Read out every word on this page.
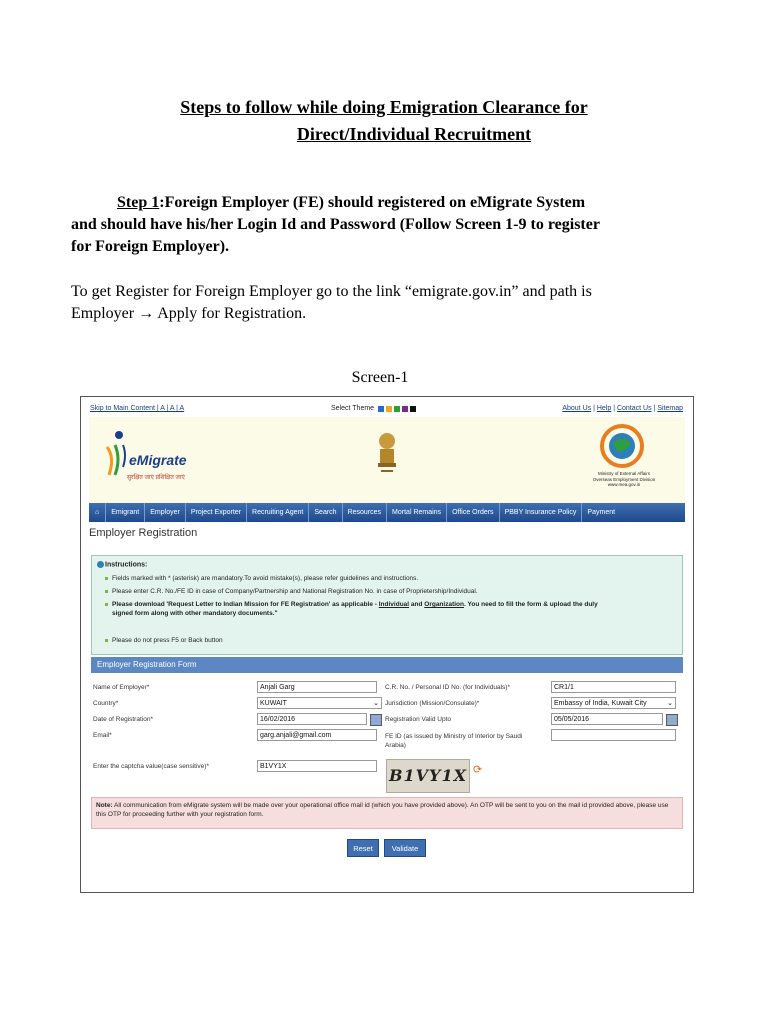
Steps to follow while doing Emigration Clearance for
Direct/Individual Recruitment
Step 1:Foreign Employer (FE) should registered on eMigrate System
and should have his/her Login Id and Password (Follow Screen 1-9 to register
for Foreign Employer).
To get Register for Foreign Employer go to the link “emigrate.gov.in” and path is
Employer → Apply for Registration.
Screen-1
Skip to Main Content | A | A | A	Select Theme	About Us | Help | Contact Us | Sitemap
eMigrate
सुरक्षित जाएं प्रशिक्षित जाएं
Ministry of External Affairs
Overseas Employment Division
www.mea.gov.in
⌂	Emigrant	Employer	Project Exporter	Recruiting Agent	Search	Resources	Mortal Remains	Office Orders	PBBY Insurance Policy	Payment
Employer Registration
Instructions:
Fields marked with * (asterisk) are mandatory.To avoid mistake(s), please refer guidelines and instructions.
Please enter C.R. No./FE ID in case of Company/Partnership and National Registration No. in case of Proprietership/Individual.
Please download 'Request Letter to Indian Mission for FE Registration' as applicable - Individual and Organization. You need to fill the form & upload the duly
signed form along with other mandatory documents."
Please do not press F5 or Back button
Employer Registration Form
Name of Employer*	Anjali Garg	C.R. No. / Personal ID No. (for Individuals)*	CR1/1
Country*	KUWAIT	⌄ Jurisdiction (Mission/Consulate)*	Embassy of India, Kuwait City	⌄
Date of Registration*	16/02/2016	Registration Valid Upto	05/05/2016
Email*	garg.anjali@gmail.com	FE ID (as issued by Ministry of Interior by Saudi
Arabia)
Enter the captcha value(case sensitive)*	B1VY1X	B1VY1X ⟳
Note: All communication from eMigrate system will be made over your operational office mail id (which you have provided above). An OTP will be sent to you on the mail id provided above, please use this OTP for proceeding further with your registration form.
Reset	Validate
